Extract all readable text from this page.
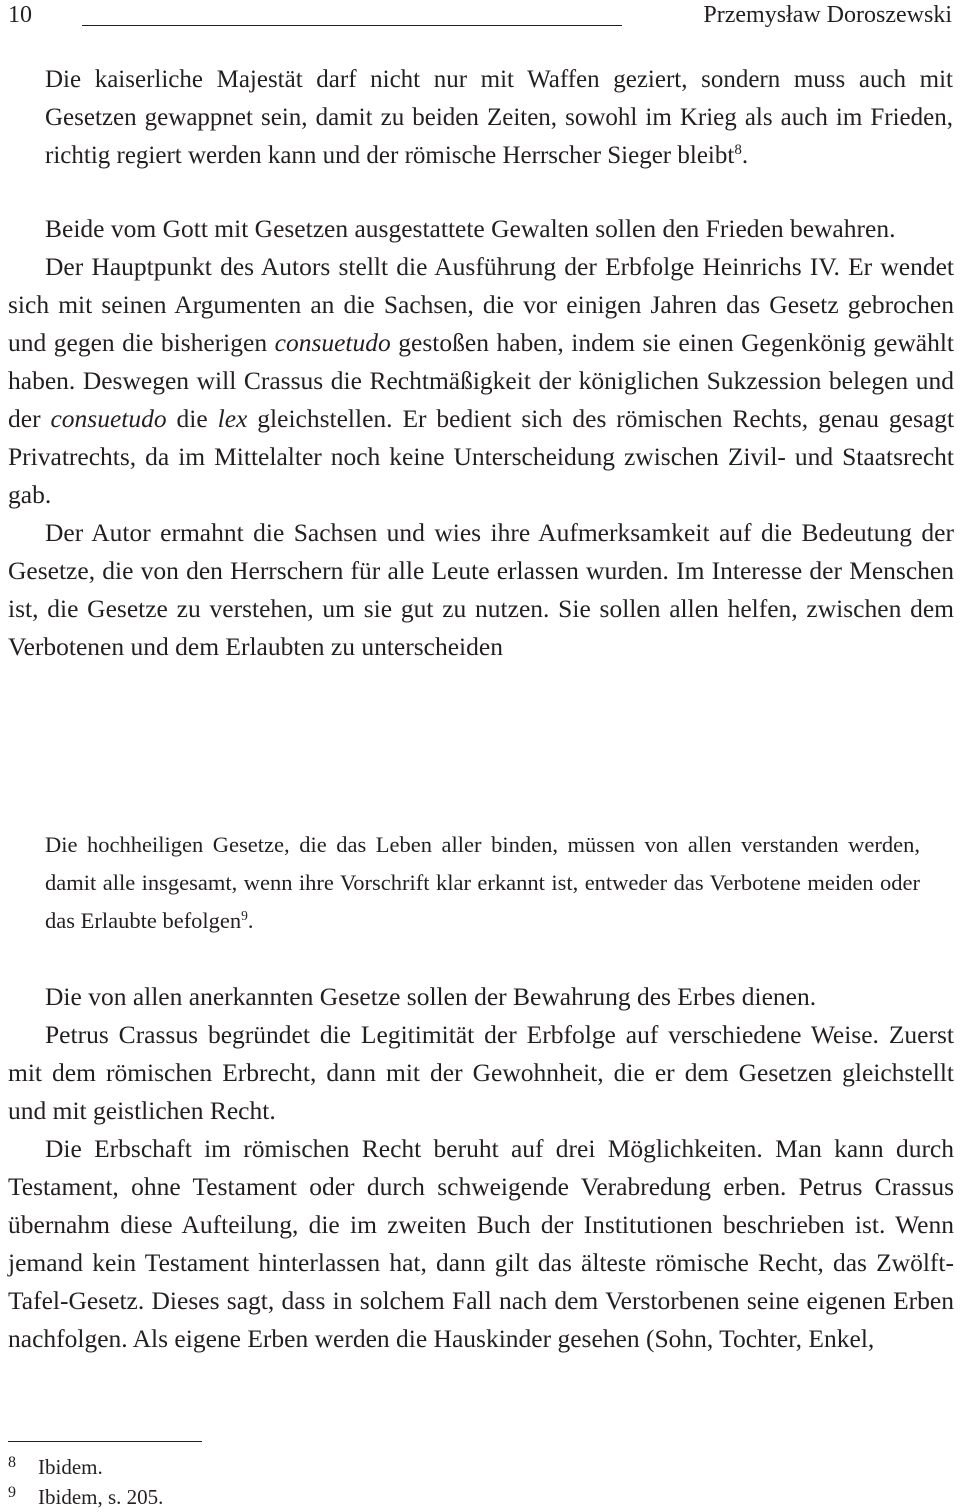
10	Przemysław Doroszewski

Die kaiserliche Majestät darf nicht nur mit Waffen geziert, sondern muss auch mit Gesetzen gewappnet sein, damit zu beiden Zeiten, sowohl im Krieg als auch im Frieden, richtig regiert werden kann und der römische Herrscher Sieger bleibt$^8$.

Beide vom Gott mit Gesetzen ausgestattete Gewalten sollen den Frieden bewahren.

Der Hauptpunkt des Autors stellt die Ausführung der Erbfolge Heinrichs IV. Er wendet sich mit seinen Argumenten an die Sachsen, die vor einigen Jahren das Gesetz gebrochen und gegen die bisherigen consuetudo gestoßen haben, indem sie einen Gegenkönig gewählt haben. Deswegen will Crassus die Rechtmäßigkeit der königlichen Sukzession belegen und der consuetudo die lex gleichstellen. Er bedient sich des römischen Rechts, genau gesagt Privatrechts, da im Mittelalter noch keine Unterscheidung zwischen Zivil- und Staatsrecht gab.

Der Autor ermahnt die Sachsen und wies ihre Aufmerksamkeit auf die Bedeutung der Gesetze, die von den Herrschern für alle Leute erlassen wurden. Im Interesse der Menschen ist, die Gesetze zu verstehen, um sie gut zu nutzen. Sie sollen allen helfen, zwischen dem Verbotenen und dem Erlaubten zu unterscheiden

Die hochheiligen Gesetze, die das Leben aller binden, müssen von allen verstanden werden, damit alle insgesamt, wenn ihre Vorschrift klar erkannt ist, entweder das Verbotene meiden oder das Erlaubte befolgen$^9$.

Die von allen anerkannten Gesetze sollen der Bewahrung des Erbes dienen.

Petrus Crassus begründet die Legitimität der Erbfolge auf verschiedene Weise. Zuerst mit dem römischen Erbrecht, dann mit der Gewohnheit, die er dem Gesetzen gleichstellt und mit geistlichen Recht.

Die Erbschaft im römischen Recht beruht auf drei Möglichkeiten. Man kann durch Testament, ohne Testament oder durch schweigende Verabredung erben. Petrus Crassus übernahm diese Aufteilung, die im zweiten Buch der Institutionen beschrieben ist. Wenn jemand kein Testament hinterlassen hat, dann gilt das älteste römische Recht, das Zwölft-Tafel-Gesetz. Dieses sagt, dass in solchem Fall nach dem Verstorbenen seine eigenen Erben nachfolgen. Als eigene Erben werden die Hauskinder gesehen (Sohn, Tochter, Enkel,

8	Ibidem.
9	Ibidem, s. 205.
